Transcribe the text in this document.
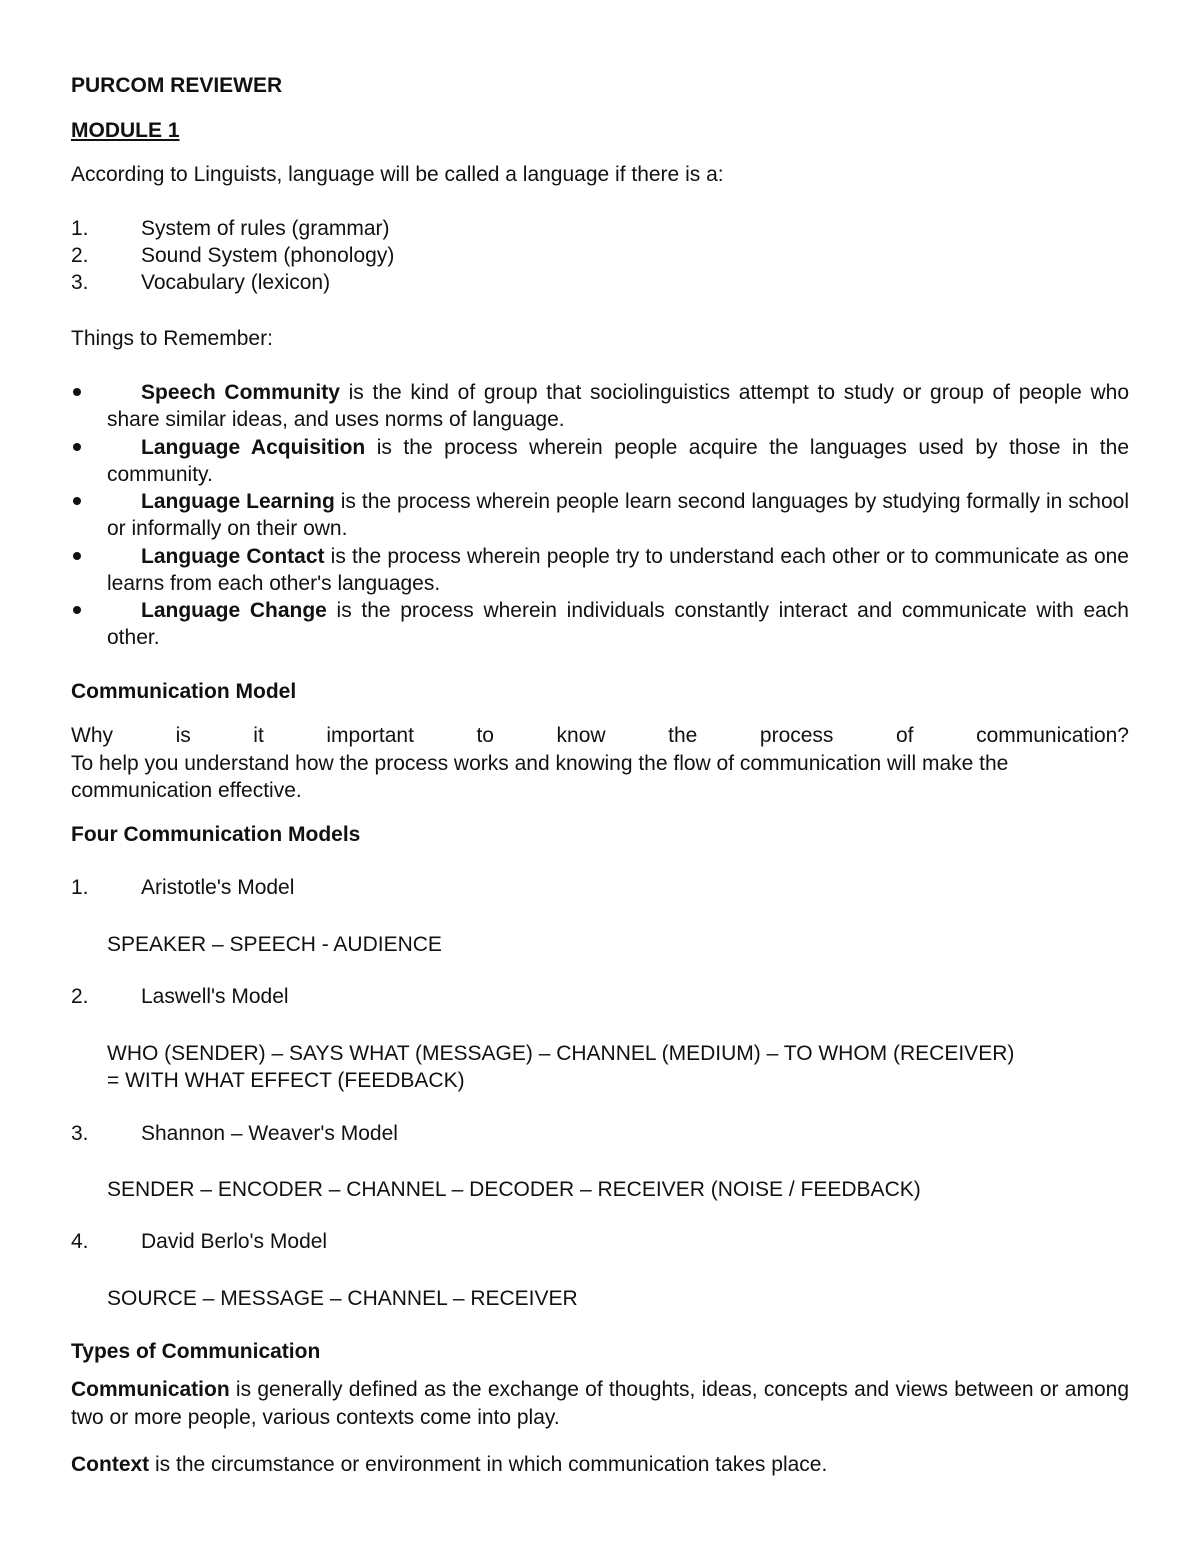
PURCOM REVIEWER
MODULE 1
According to Linguists, language will be called a language if there is a:
1. System of rules (grammar)
2. Sound System (phonology)
3. Vocabulary (lexicon)
Things to Remember:
Speech Community is the kind of group that sociolinguistics attempt to study or group of people who share similar ideas, and uses norms of language.
Language Acquisition is the process wherein people acquire the languages used by those in the community.
Language Learning is the process wherein people learn second languages by studying formally in school or informally on their own.
Language Contact is the process wherein people try to understand each other or to communicate as one learns from each other's languages.
Language Change is the process wherein individuals constantly interact and communicate with each other.
Communication Model
Why	is	it	important	to	know	the	process	of	communication?
To help you understand how the process works and knowing the flow of communication will make the
communication effective.
Four Communication Models
1. Aristotle's Model
SPEAKER – SPEECH - AUDIENCE
2. Laswell's Model
WHO (SENDER) – SAYS WHAT (MESSAGE) – CHANNEL (MEDIUM) – TO WHOM (RECEIVER)
= WITH WHAT EFFECT (FEEDBACK)
3. Shannon – Weaver's Model
SENDER – ENCODER – CHANNEL – DECODER – RECEIVER (NOISE / FEEDBACK)
4. David Berlo's Model
SOURCE – MESSAGE – CHANNEL – RECEIVER
Types of Communication
Communication is generally defined as the exchange of thoughts, ideas, concepts and views between or among two or more people, various contexts come into play.
Context is the circumstance or environment in which communication takes place.
